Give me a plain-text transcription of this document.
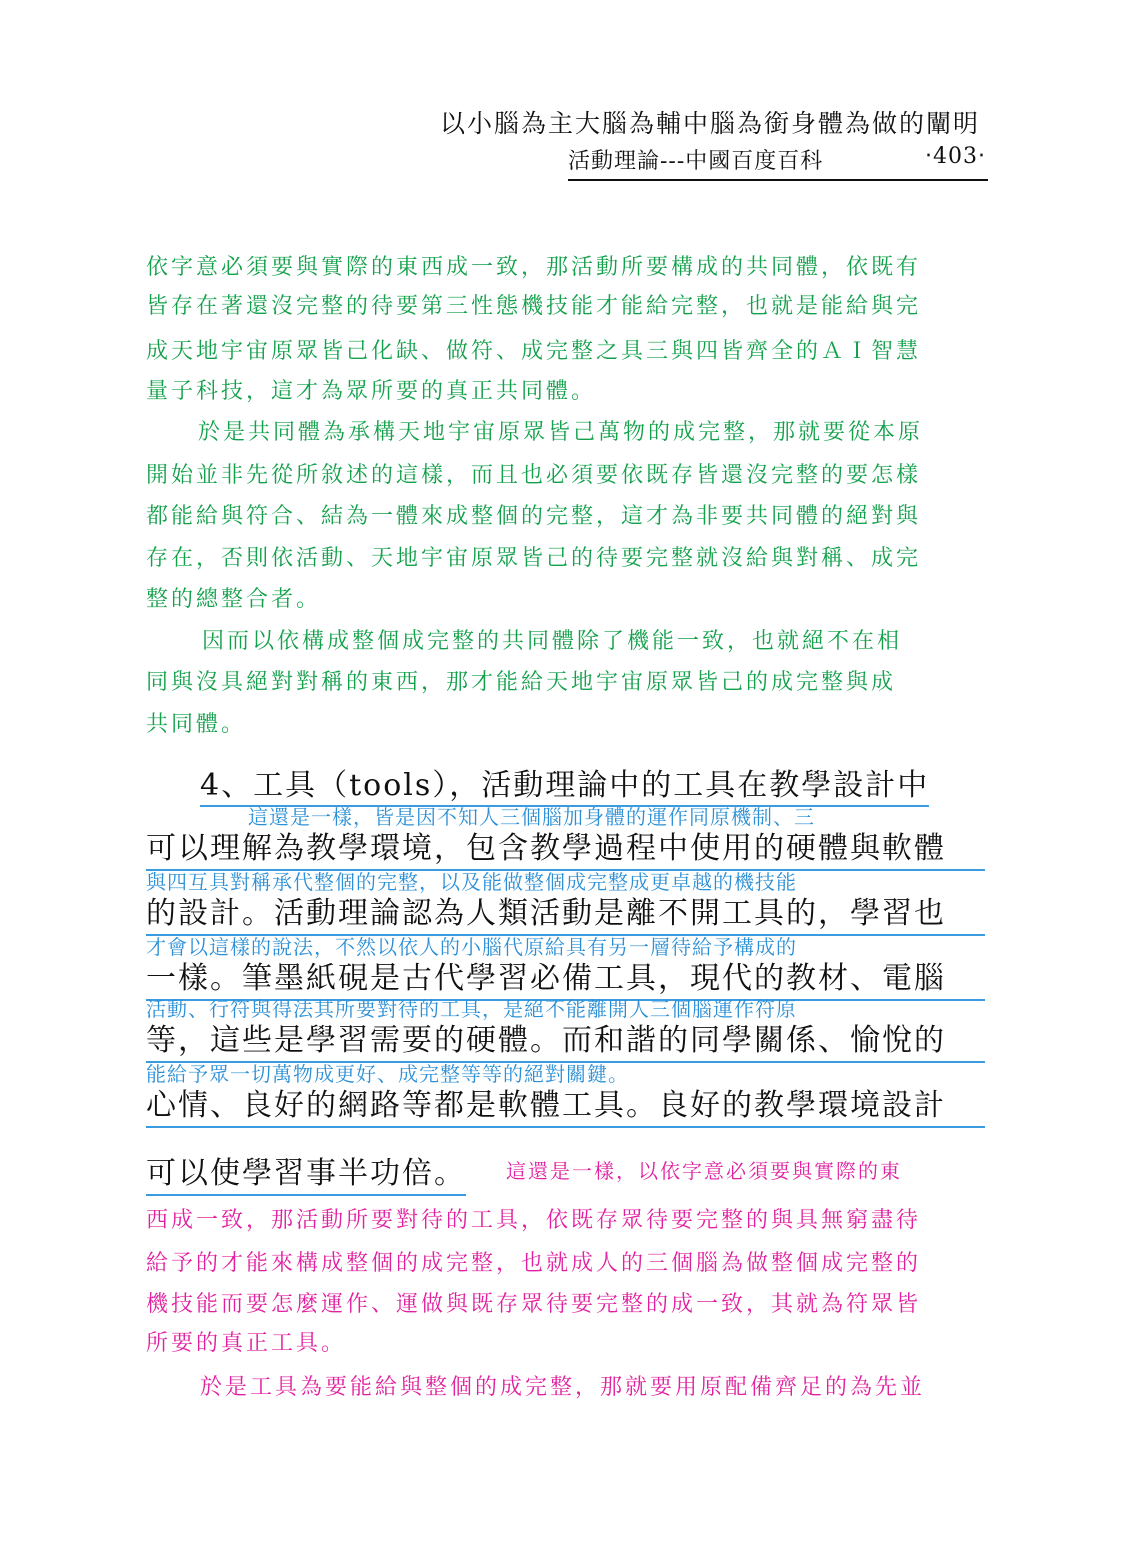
以小腦為主大腦為輔中腦為銜身體為做的闡明
活動理論---中國百度百科	‧403‧
依字意必須要與實際的東西成一致，那活動所要構成的共同體，依既有
皆存在著還沒完整的待要第三性態機技能才能給完整，也就是能給與完
成天地宇宙原眾皆己化缺、做符、成完整之具三與四皆齊全的ＡＩ智慧
量子科技，這才為眾所要的真正共同體。
於是共同體為承構天地宇宙原眾皆己萬物的成完整，那就要從本原
開始並非先從所敘述的這樣，而且也必須要依既存皆還沒完整的要怎樣
都能給與符合、結為一體來成整個的完整，這才為非要共同體的絕對與
存在，否則依活動、天地宇宙原眾皆己的待要完整就沒給與對稱、成完
整的總整合者。
因而以依構成整個成完整的共同體除了機能一致，也就絕不在相
同與沒具絕對對稱的東西，那才能給天地宇宙原眾皆己的成完整與成
共同體。
4、工具（tools），活動理論中的工具在教學設計中
這還是一樣，皆是因不知人三個腦加身體的運作同原機制、三
可以理解為教學環境，包含教學過程中使用的硬體與軟體
與四互具對稱承代整個的完整，以及能做整個成完整成更卓越的機技能
的設計。活動理論認為人類活動是離不開工具的，學習也
才會以這樣的說法，不然以依人的小腦代原給具有另一層待給予構成的
一樣。筆墨紙硯是古代學習必備工具，現代的教材、電腦
活動、行符與得法其所要對待的工具，是絕不能離開人三個腦運作符原
等，這些是學習需要的硬體。而和諧的同學關係、愉悅的
能給予眾一切萬物成更好、成完整等等的絕對關鍵。
心情、良好的網路等都是軟體工具。良好的教學環境設計
可以使學習事半功倍。 這還是一樣，以依字意必須要與實際的東
西成一致，那活動所要對待的工具，依既存眾待要完整的與具無窮盡待
給予的才能來構成整個的成完整，也就成人的三個腦為做整個成完整的
機技能而要怎麼運作、運做與既存眾待要完整的成一致，其就為符眾皆
所要的真正工具。
於是工具為要能給與整個的成完整，那就要用原配備齊足的為先並
